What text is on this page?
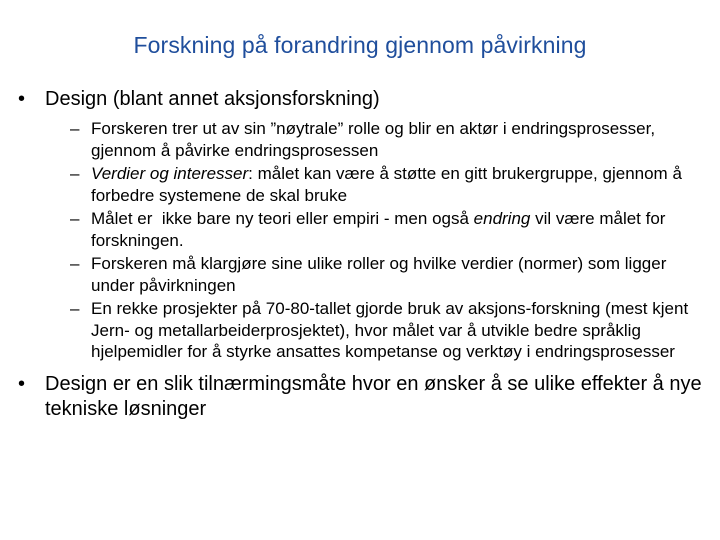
Forskning på forandring gjennom påvirkning
• Design (blant annet aksjonsforskning)
– Forskeren trer ut av sin ”nøytrale” rolle og blir en aktør i endringsprosesser, gjennom å påvirke endringsprosessen
– Verdier og interesser: målet kan være å støtte en gitt brukergruppe, gjennom å forbedre systemene de skal bruke
– Målet er  ikke bare ny teori eller empiri - men også endring vil være målet for forskningen.
– Forskeren må klargjøre sine ulike roller og hvilke verdier (normer) som ligger under påvirkningen
– En rekke prosjekter på 70-80-tallet gjorde bruk av aksjons-forskning (mest kjent Jern- og metallarbeiderprosjektet), hvor målet var å utvikle bedre språklig hjelpemidler for å styrke ansattes kompetanse og verktøy i endringsprosesser
• Design er en slik tilnærmingsmåte hvor en ønsker å se ulike effekter å nye tekniske løsninger
